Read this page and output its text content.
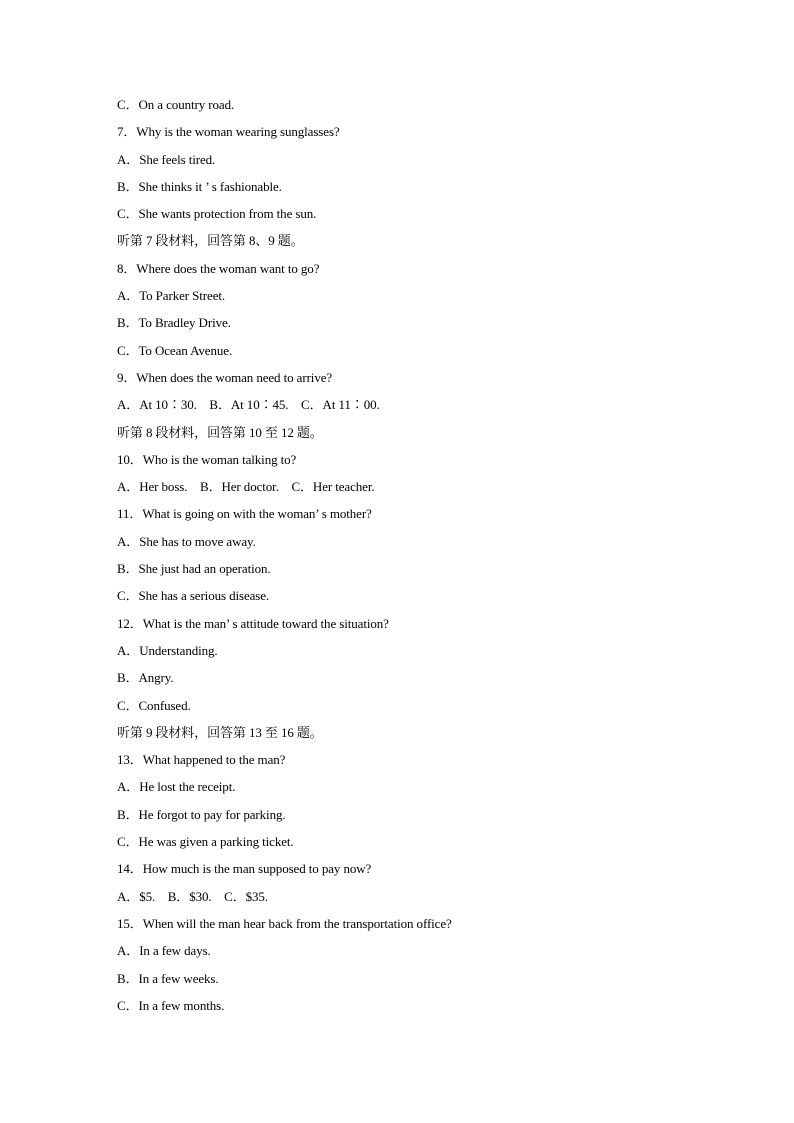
C．On a country road.
7．Why is the woman wearing sunglasses?
A．She feels tired.
B．She thinks it ’ s fashionable.
C．She wants protection from the sun.
听第 7 段材料，回答第 8、9 题。
8．Where does the woman want to go?
A．To Parker Street.
B．To Bradley Drive.
C．To Ocean Avenue.
9．When does the woman need to arrive?
A．At 10∶30.    B．At 10∶45.    C．At 11∶00.
听第 8 段材料，回答第 10 至 12 题。
10．Who is the woman talking to?
A．Her boss.    B．Her doctor.    C．Her teacher.
11．What is going on with the woman’ s mother?
A．She has to move away.
B．She just had an operation.
C．She has a serious disease.
12．What is the man’ s attitude toward the situation?
A．Understanding.
B．Angry.
C．Confused.
听第 9 段材料，回答第 13 至 16 题。
13．What happened to the man?
A．He lost the receipt.
B．He forgot to pay for parking.
C．He was given a parking ticket.
14．How much is the man supposed to pay now?
A．$5.    B．$30.    C．$35.
15．When will the man hear back from the transportation office?
A．In a few days.
B．In a few weeks.
C．In a few months.
